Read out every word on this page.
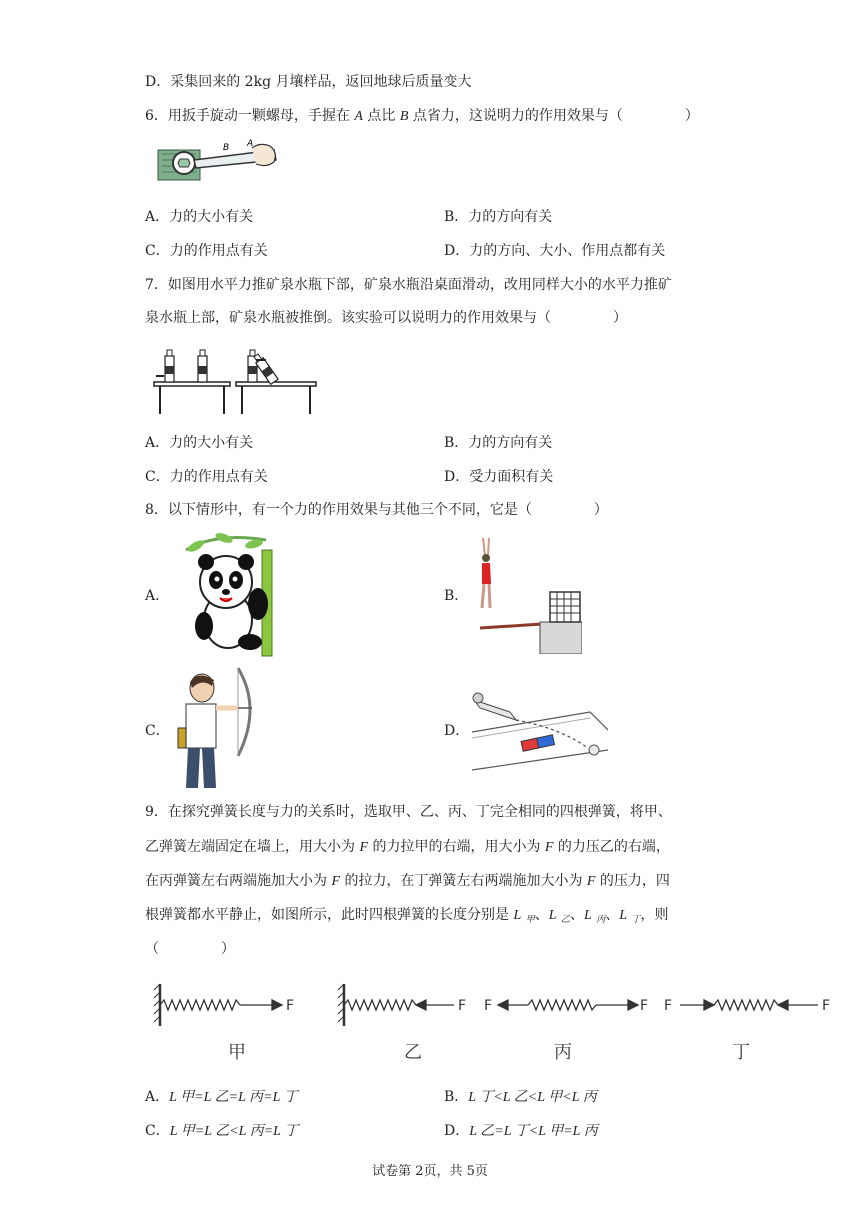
D．采集回来的 2kg 月壤样品，返回地球后质量变大
6．用扳手旋动一颗螺母，手握在 A 点比 B 点省力，这说明力的作用效果与（	）
B A
A．力的大小有关	B．力的方向有关
C．力的作用点有关	D．力的方向、大小、作用点都有关
7．如图用水平力推矿泉水瓶下部，矿泉水瓶沿桌面滑动，改用同样大小的水平力推矿
泉水瓶上部，矿泉水瓶被推倒。该实验可以说明力的作用效果与（	）
A．力的大小有关	B．力的方向有关
C．力的作用点有关	D．受力面积有关
8．以下情形中，有一个力的作用效果与其他三个不同，它是（	）
A．	B．
C．	D．
9．在探究弹簧长度与力的关系时，选取甲、乙、丙、丁完全相同的四根弹簧，将甲、
乙弹簧左端固定在墙上，用大小为 F 的力拉甲的右端，用大小为 F 的力压乙的右端，
在丙弹簧左右两端施加大小为 F 的拉力，在丁弹簧左右两端施加大小为 F 的压力，四
根弹簧都水平静止，如图所示，此时四根弹簧的长度分别是 L $_甲$、L $_乙$、L $_丙$、L $_丁$，则
（	）
F	F F	F F	F
甲	乙	丙	丁
A．L 甲=L 乙=L 丙=L 丁	B．L 丁<L 乙<L 甲<L 丙
C．L 甲=L 乙<L 丙=L 丁	D．L 乙=L 丁<L 甲=L 丙
试卷第 2页，共 5页
